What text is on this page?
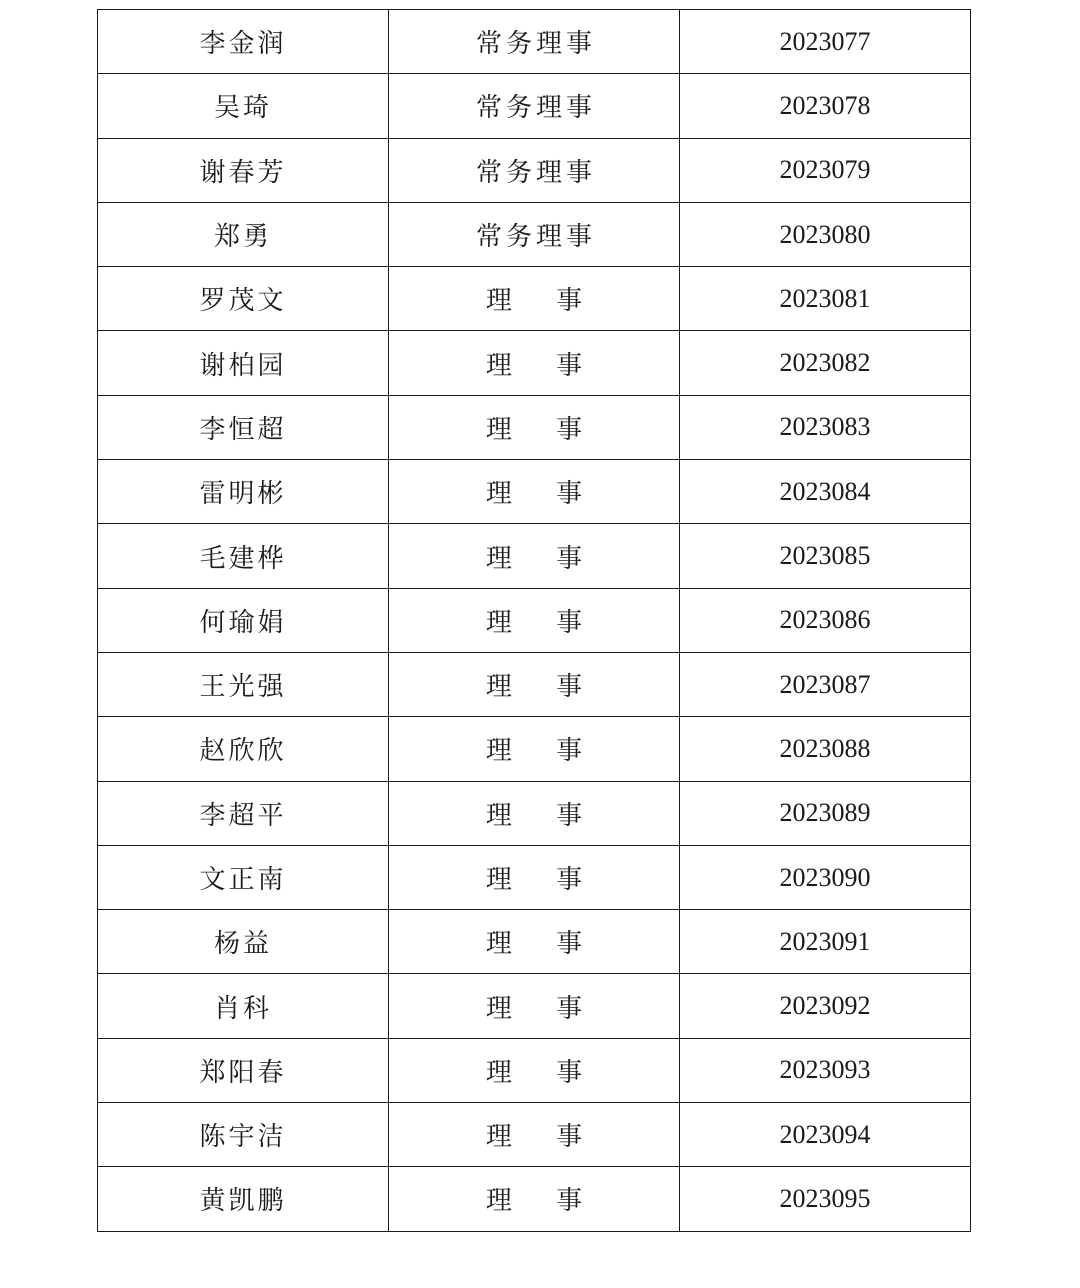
李金润	常务理事	2023077
吴琦	常务理事	2023078
谢春芳	常务理事	2023079
郑勇	常务理事	2023080
罗茂文	理 事	2023081
谢柏园	理 事	2023082
李恒超	理 事	2023083
雷明彬	理 事	2023084
毛建桦	理 事	2023085
何瑜娟	理 事	2023086
王光强	理 事	2023087
赵欣欣	理 事	2023088
李超平	理 事	2023089
文正南	理 事	2023090
杨益	理 事	2023091
肖科	理 事	2023092
郑阳春	理 事	2023093
陈宇洁	理 事	2023094
黄凯鹏	理 事	2023095
